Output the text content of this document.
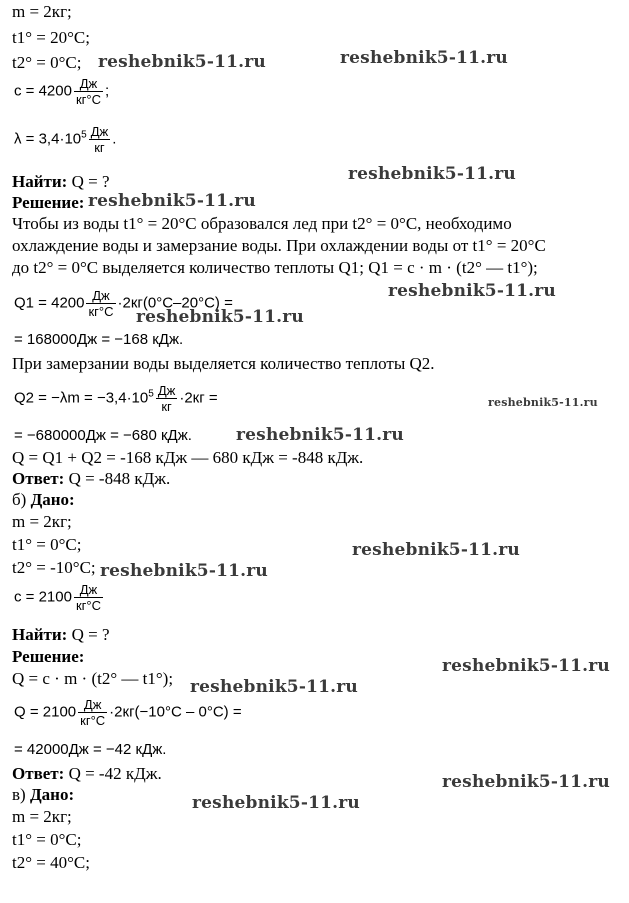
m = 2кг;
t1° = 20°C;
t2° = 0°C;
$с = 4200 \frac{Дж}{кг^\circ C}$ ;
$\lambda = 3,4\cdot 10^5 \frac{Дж}{кг}$ .
Найти: Q = ?
Решение:
Чтобы из воды t1° = 20°C образовался лед при t2° = 0°C, необходимо
охлаждение воды и замерзание воды. При охлаждении воды от t1° = 20°C
до t2° = 0°C выделяется количество теплоты Q1; Q1 = c · m · (t2° — t1°);
$Q1 = 4200 \frac{Дж}{кг^\circ C} \cdot 2кг(0^\circ C-20^\circ C)$ =
= 168000Дж = −168 кДж.
При замерзании воды выделяется количество теплоты Q2.
$Q2 = -\lambda m = -3,4\cdot 10^5 \frac{Дж}{кг} \cdot 2кг$ =
= −680000Дж = −680 кДж.
Q = Q1 + Q2 = -168 кДж — 680 кДж = -848 кДж.
Ответ: Q = -848 кДж.
б) Дано:
m = 2кг;
t1° = 0°C;
t2° = -10°C;
$с = 2100 \frac{Дж}{кг^\circ C}$
Найти: Q = ?
Решение:
Q = c · m · (t2° — t1°);
$Q = 2100 \frac{Дж}{кг^\circ C} \cdot 2кг(-10^\circ C - 0^\circ C)$ =
= 42000Дж = −42 кДж.
Ответ: Q = -42 кДж.
в) Дано:
m = 2кг;
t1° = 0°C;
t2° = 40°C;
reshebnik5-11.ru	reshebnik5-11.ru
reshebnik5-11.ru
reshebnik5-11.ru
reshebnik5-11.ru
reshebnik5-11.ru
reshebnik5-11.ru
reshebnik5-11.ru
reshebnik5-11.ru
reshebnik5-11.ru
reshebnik5-11.ru
reshebnik5-11.ru
reshebnik5-11.ru
reshebnik5-11.ru
